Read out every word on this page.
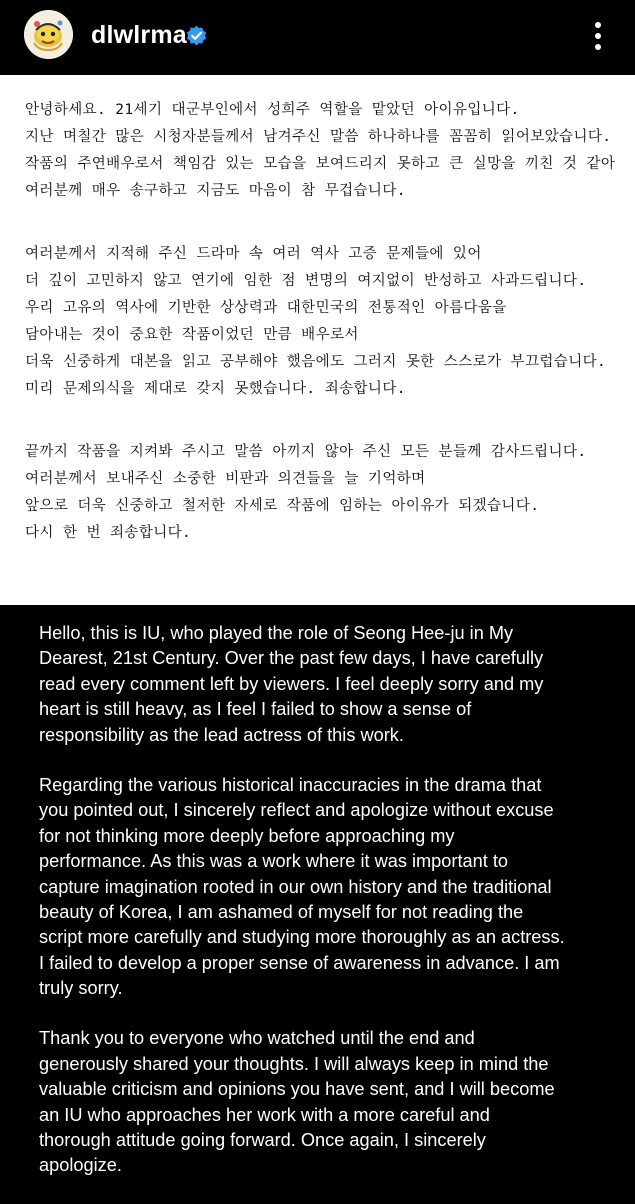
dlwlrma
안녕하세요. 21세기 대군부인에서 성희주 역할을 맡았던 아이유입니다.
지난 며칠간 많은 시청자분들께서 남겨주신 말씀 하나하나를 꼼꼼히 읽어보았습니다.
작품의 주연배우로서 책임감 있는 모습을 보여드리지 못하고 큰 실망을 끼친 것 같아
여러분께 매우 송구하고 지금도 마음이 참 무겁습니다.
여러분께서 지적해 주신 드라마 속 여러 역사 고증 문제들에 있어
더 깊이 고민하지 않고 연기에 임한 점 변명의 여지없이 반성하고 사과드립니다.
우리 고유의 역사에 기반한 상상력과 대한민국의 전통적인 아름다움을
담아내는 것이 중요한 작품이었던 만큼 배우로서
더욱 신중하게 대본을 읽고 공부해야 했음에도 그러지 못한 스스로가 부끄럽습니다.
미리 문제의식을 제대로 갖지 못했습니다. 죄송합니다.
끝까지 작품을 지켜봐 주시고 말씀 아끼지 않아 주신 모든 분들께 감사드립니다.
여러분께서 보내주신 소중한 비판과 의견들을 늘 기억하며
앞으로 더욱 신중하고 철저한 자세로 작품에 임하는 아이유가 되겠습니다.
다시 한 번 죄송합니다.
Hello, this is IU, who played the role of Seong Hee-ju in My
Dearest, 21st Century. Over the past few days, I have carefully
read every comment left by viewers. I feel deeply sorry and my
heart is still heavy, as I feel I failed to show a sense of
responsibility as the lead actress of this work.
Regarding the various historical inaccuracies in the drama that
you pointed out, I sincerely reflect and apologize without excuse
for not thinking more deeply before approaching my
performance. As this was a work where it was important to
capture imagination rooted in our own history and the traditional
beauty of Korea, I am ashamed of myself for not reading the
script more carefully and studying more thoroughly as an actress.
I failed to develop a proper sense of awareness in advance. I am
truly sorry.
Thank you to everyone who watched until the end and
generously shared your thoughts. I will always keep in mind the
valuable criticism and opinions you have sent, and I will become
an IU who approaches her work with a more careful and
thorough attitude going forward. Once again, I sincerely
apologize.
